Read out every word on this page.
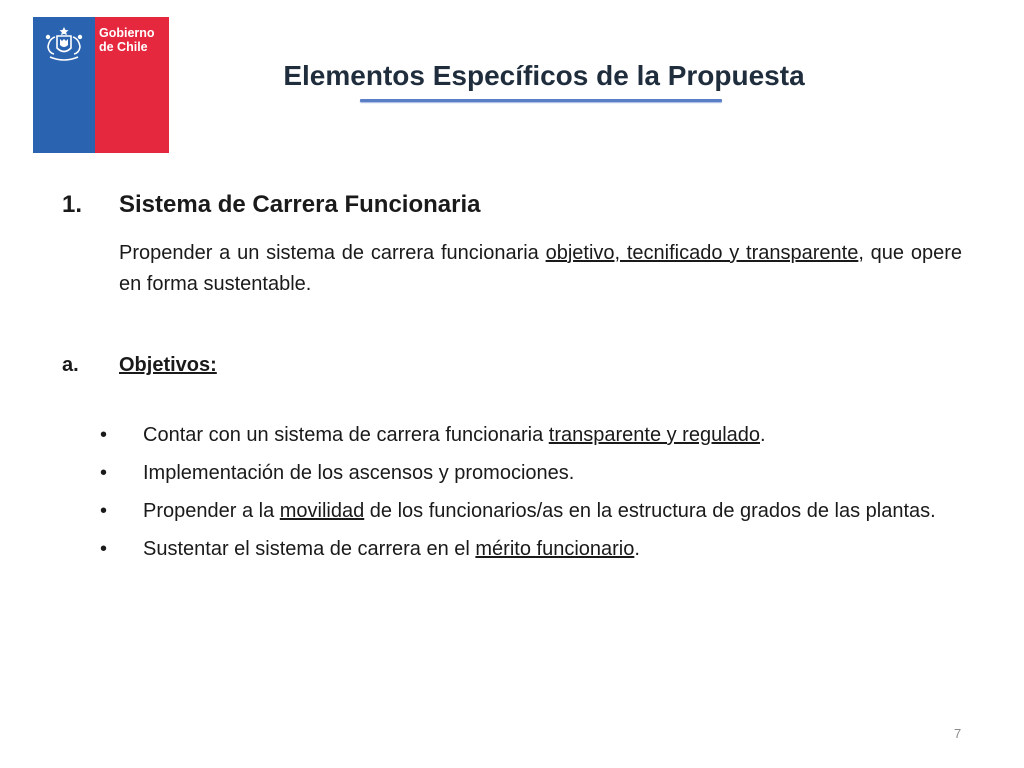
Gobierno
de Chile
Elementos Específicos de la Propuesta
1. Sistema de Carrera Funcionaria
Propender a un sistema de carrera funcionaria objetivo, tecnificado y transparente, que opere en forma sustentable.
a. Objetivos:
• Contar con un sistema de carrera funcionaria transparente y regulado.
• Implementación de los ascensos y promociones.
• Propender a la movilidad de los funcionarios/as en la estructura de grados de las plantas.
• Sustentar el sistema de carrera en el mérito funcionario.
7
